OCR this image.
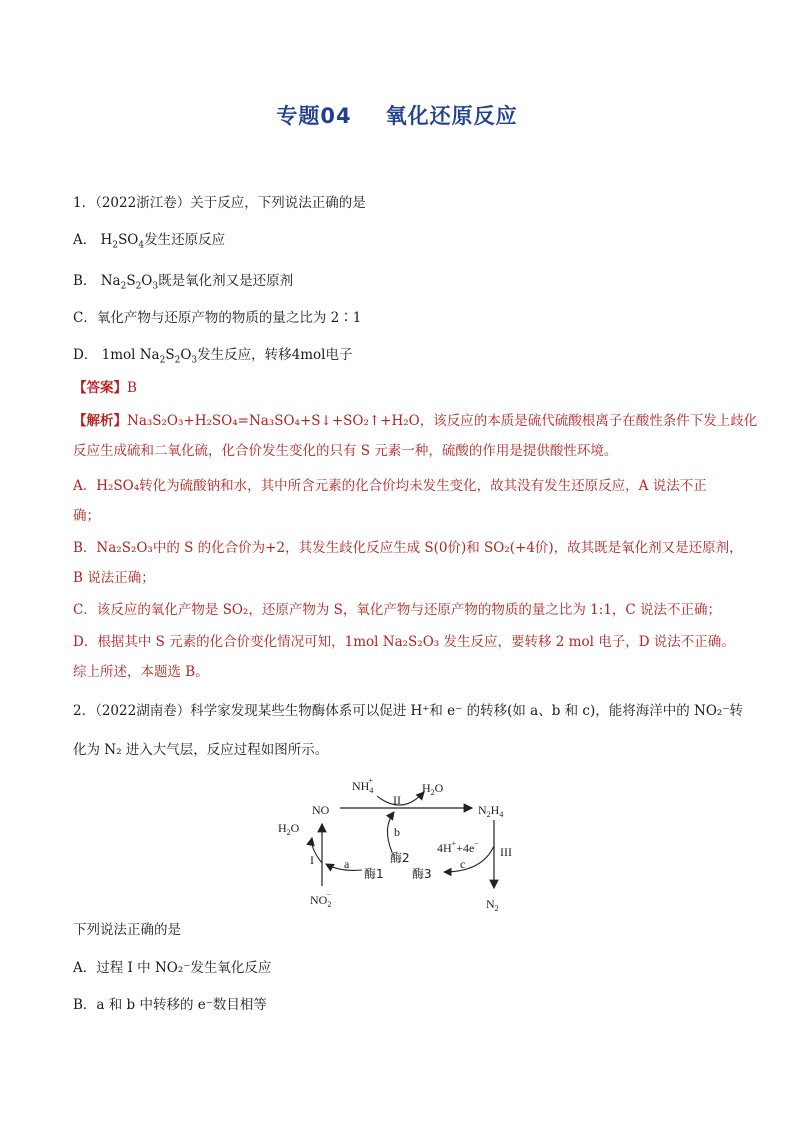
专题04 氧化还原反应
1．（2022浙江卷）关于反应，下列说法正确的是
A． $H_2SO_4$发生还原反应
B． $Na_2S_2O_3$既是氧化剂又是还原剂
C．氧化产物与还原产物的物质的量之比为 2∶1
D． 1mol $Na_2S_2O_3$发生反应，转移4mol电子
【答案】B
【解析】Na₃S₂O₃+H₂SO₄=Na₃SO₄+S↓+SO₂↑+H₂O，该反应的本质是硫代硫酸根离子在酸性条件下发上歧化
反应生成硫和二氧化硫，化合价发生变化的只有 S 元素一种，硫酸的作用是提供酸性环境。
A．H₂SO₄转化为硫酸钠和水，其中所含元素的化合价均未发生变化，故其没有发生还原反应，A 说法不正
确；
B．Na₂S₂O₃中的 S 的化合价为+2，其发生歧化反应生成 S(0价)和 SO₂(+4价)，故其既是氧化剂又是还原剂，
B 说法正确；
C．该反应的氧化产物是 SO₂，还原产物为 S，氧化产物与还原产物的物质的量之比为 1:1，C 说法不正确；
D．根据其中 S 元素的化合价变化情况可知，1mol Na₂S₂O₃ 发生反应，要转移 2 mol 电子，D 说法不正确。
综上所述，本题选 B。
2．（2022湖南卷）科学家发现某些生物酶体系可以促进 H⁺和 e⁻ 的转移(如 a、b 和 c)，能将海洋中的 NO₂⁻转
化为 N₂ 进入大气层，反应过程如图所示。
$NH_4+$
$H_2O$
II
NO	$N_2H_4$
$H_2O$	b
酶2
4H++4e−
III
I	a	c
酶1 酶3
$NO_2-$
$N_2$
下列说法正确的是
A．过程 I 中 NO₂⁻发生氧化反应
B．a 和 b 中转移的 e⁻数目相等
